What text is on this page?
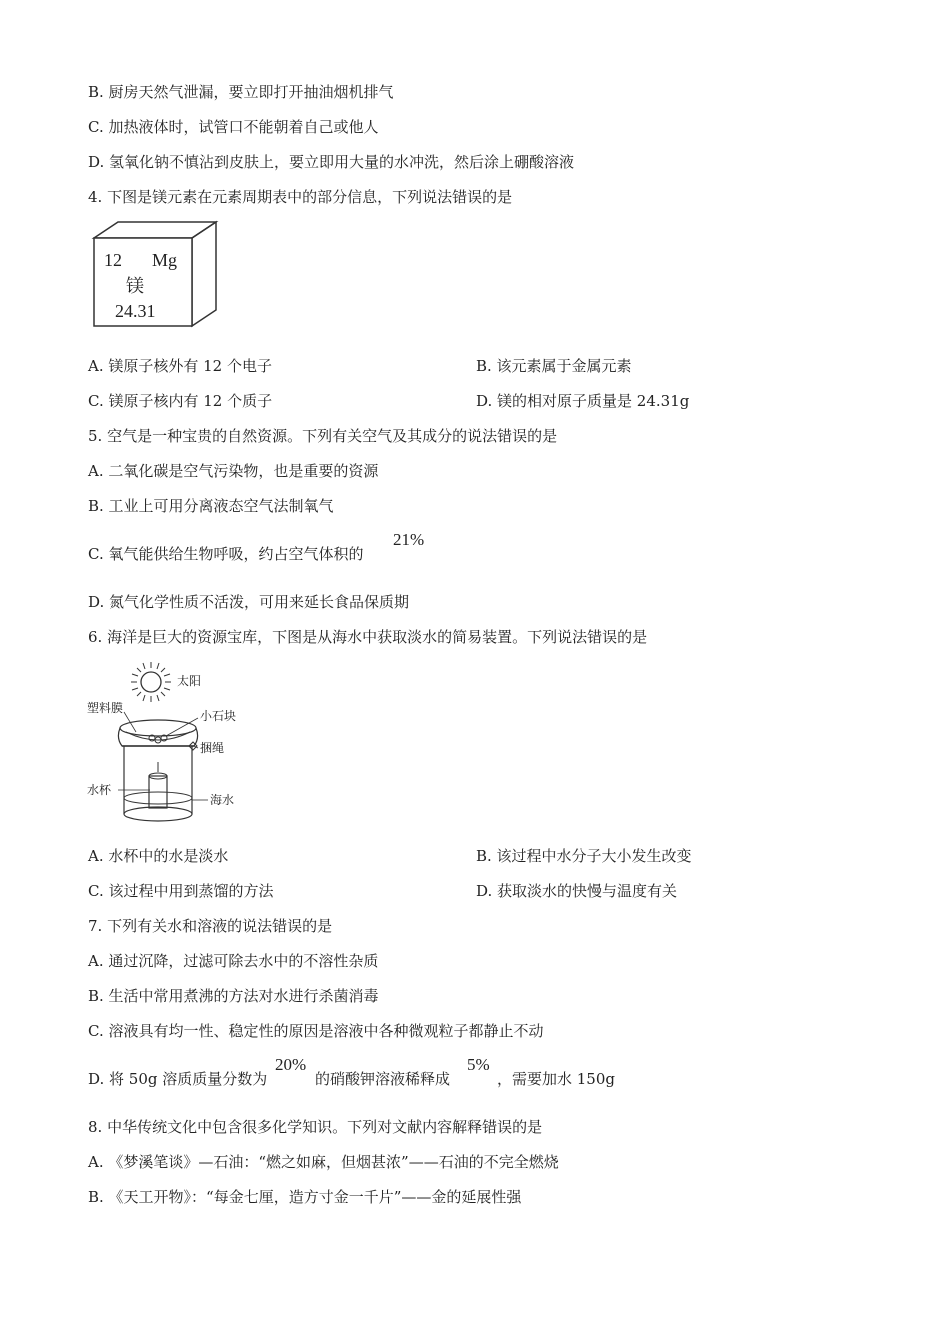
B. 厨房天然气泄漏，要立即打开抽油烟机排气
C. 加热液体时，试管口不能朝着自己或他人
D. 氢氧化钠不慎沾到皮肤上，要立即用大量的水冲洗，然后涂上硼酸溶液
4. 下图是镁元素在元素周期表中的部分信息，下列说法错误的是
12 Mg
镁
24.31
A. 镁原子核外有 12 个电子	B. 该元素属于金属元素
C. 镁原子核内有 12 个质子	D. 镁的相对原子质量是 24.31g
5. 空气是一种宝贵的自然资源。下列有关空气及其成分的说法错误的是
A. 二氧化碳是空气污染物，也是重要的资源
B. 工业上可用分离液态空气法制氧气
C. 氧气能供给生物呼吸，约占空气体积的
21%
D. 氮气化学性质不活泼，可用来延长食品保质期
6. 海洋是巨大的资源宝库，下图是从海水中获取淡水的简易装置。下列说法错误的是
太阳
塑料膜
小石块
捆绳
水杯
海水
A. 水杯中的水是淡水	B. 该过程中水分子大小发生改变
C. 该过程中用到蒸馏的方法	D. 获取淡水的快慢与温度有关
7. 下列有关水和溶液的说法错误的是
A. 通过沉降，过滤可除去水中的不溶性杂质
B. 生活中常用煮沸的方法对水进行杀菌消毒
C. 溶液具有均一性、稳定性的原因是溶液中各种微观粒子都静止不动
D. 将 50g 溶质质量分数为
20%
的硝酸钾溶液稀释成
5%
，需要加水 150g
8. 中华传统文化中包含很多化学知识。下列对文献内容解释错误的是
A. 《梦溪笔谈》—石油：“燃之如麻，但烟甚浓”——石油的不完全燃烧
B. 《天工开物》：“每金七厘，造方寸金一千片”——金的延展性强
